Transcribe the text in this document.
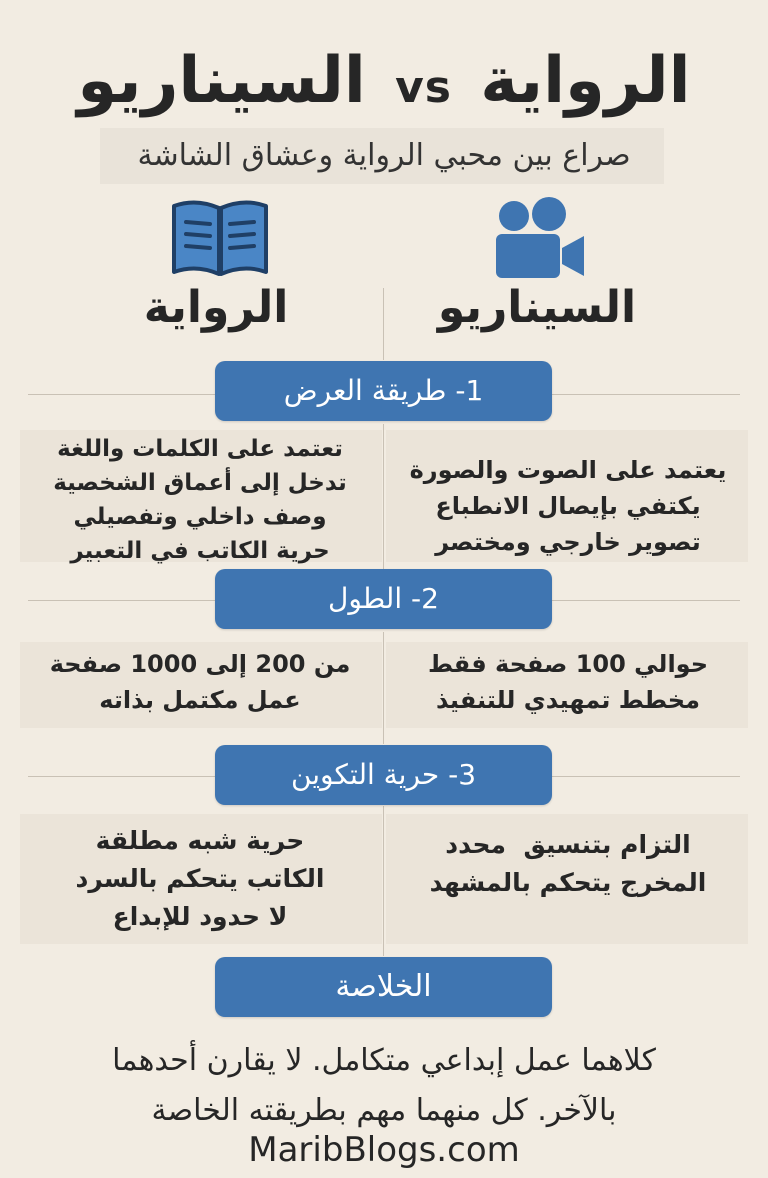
الرواية vs السيناريو
صراع بين محبي الرواية وعشاق الشاشة
الرواية	السيناريو
1- طريقة العرض
تعتمد على الكلمات واللغة
تدخل إلى أعماق الشخصية
وصف داخلي وتفصيلي
حرية الكاتب في التعبير
يعتمد على الصوت والصورة
يكتفي بإيصال الانطباع
تصوير خارجي ومختصر
2- الطول
من 200 إلى 1000 صفحة
عمل مكتمل بذاته
حوالي 100 صفحة فقط
مخطط تمهيدي للتنفيذ
3- حرية التكوين
حرية شبه مطلقة
الكاتب يتحكم بالسرد
لا حدود للإبداع
التزام بتنسيق  محدد
المخرج يتحكم بالمشهد
الخلاصة
كلاهما عمل إبداعي متكامل. لا يقارن أحدهما
بالآخر. كل منهما مهم بطريقته الخاصة
MaribBlogs.com
